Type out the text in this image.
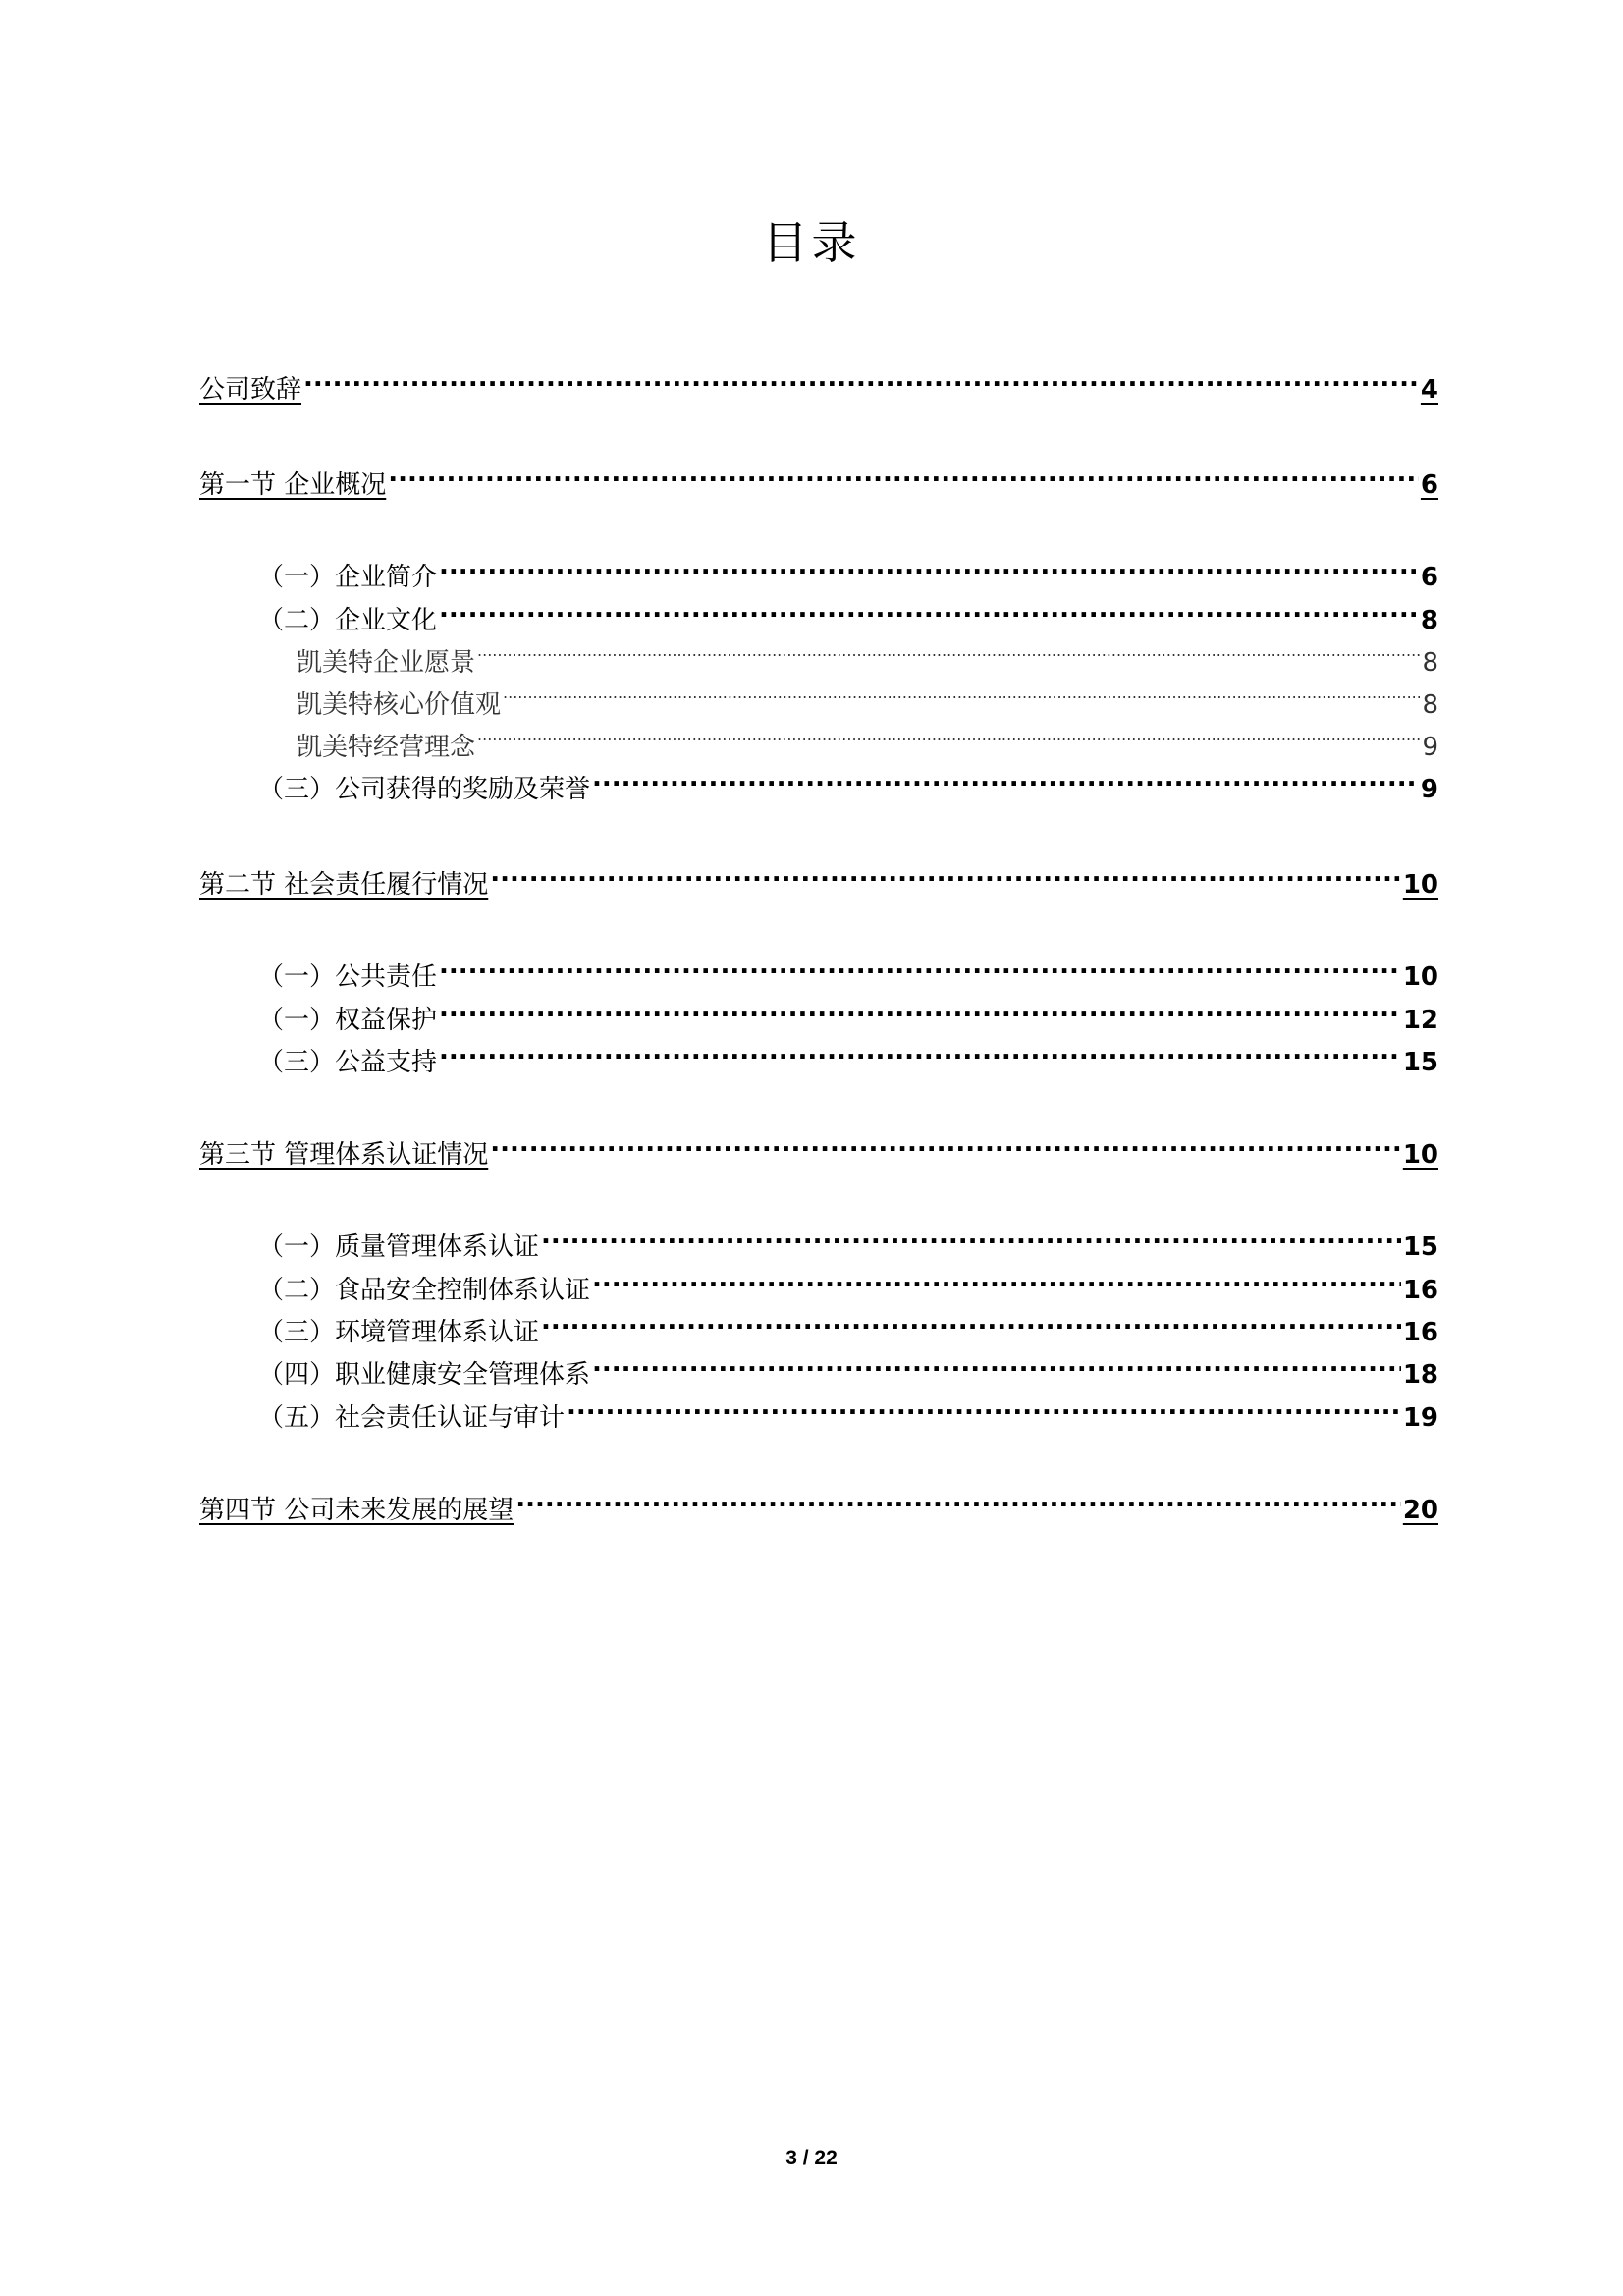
目录
公司致辞 .....	4
第一节 企业概况 .....	6
（一）企业简介 .....	6
（二）企业文化 .....	8
凯美特企业愿景 .....	8
凯美特核心价值观 .....	8
凯美特经营理念 .....	9
（三）公司获得的奖励及荣誉 .....	9
第二节 社会责任履行情况 .....	10
（一）公共责任 .....	10
（一）权益保护 .....	12
（三）公益支持 .....	15
第三节 管理体系认证情况 .....	10
（一）质量管理体系认证 .....	15
（二）食品安全控制体系认证 .....	16
（三）环境管理体系认证 .....	16
（四）职业健康安全管理体系 .....	18
（五）社会责任认证与审计 .....	19
第四节 公司未来发展的展望 .....	20
3 / 22
